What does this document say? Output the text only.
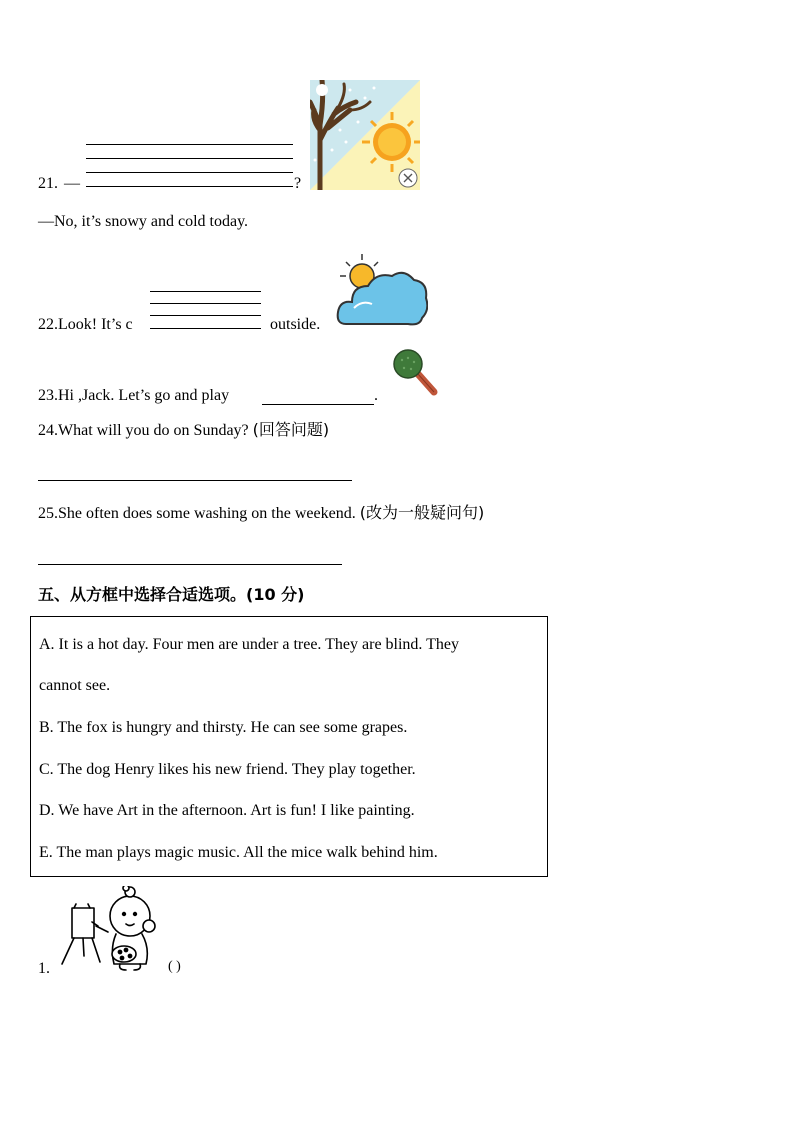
21. —	?
—No, it’s snowy and cold today.
22.Look! It’s c	outside.
23.Hi ,Jack. Let’s go and play	.
24.What will you do on Sunday? (回答问题)
25.She often does some washing on the weekend. (改为一般疑问句)
五、从方框中选择合适选项。(10 分)
A. It is a hot day. Four men are under a tree. They are blind. They
cannot see.
B. The fox is hungry and thirsty. He can see some grapes.
C. The dog Henry likes his new friend. They play together.
D. We have Art in the afternoon. Art is fun! I like painting.
E. The man plays magic music. All the mice walk behind him.
1.	( )
